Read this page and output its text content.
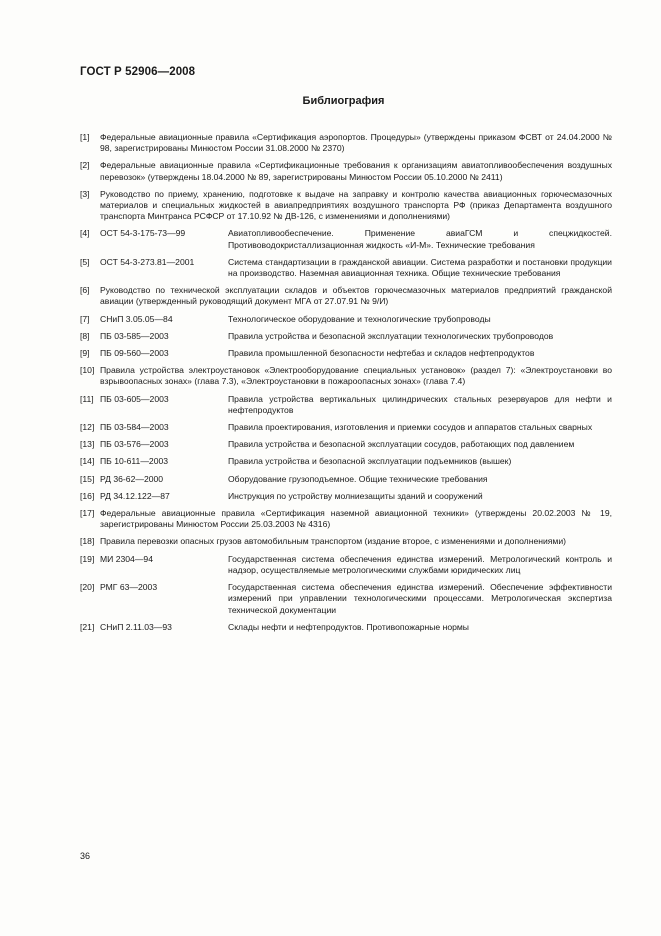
ГОСТ Р 52906—2008
Библиография
[1]	Федеральные авиационные правила «Сертификация аэропортов. Процедуры» (утверждены приказом ФСВТ от 24.04.2000 № 98, зарегистрированы Минюстом России 31.08.2000 № 2370)
[2]	Федеральные авиационные правила «Сертификационные требования к организациям авиатопливообеспечения воздушных перевозок» (утверждены 18.04.2000 № 89, зарегистрированы Минюстом России 05.10.2000 № 2411)
[3]	Руководство по приему, хранению, подготовке к выдаче на заправку и контролю качества авиационных горючесмазочных материалов и специальных жидкостей в авиапредприятиях воздушного транспорта РФ (приказ Департамента воздушного транспорта Минтранса РСФСР от 17.10.92 № ДВ-126, с изменениями и дополнениями)
[4]	ОСТ 54-3-175-73—99	Авиатопливообеспечение. Применение авиаГСМ и спецжидкостей. Противоводокристаллизационная жидкость «И-М». Технические требования
[5]	ОСТ 54-3-273.81—2001	Система стандартизации в гражданской авиации. Система разработки и постановки продукции на производство. Наземная авиационная техника. Общие технические требования
[6]	Руководство по технической эксплуатации складов и объектов горючесмазочных материалов предприятий гражданской авиации (утвержденный руководящий документ МГА от 27.07.91 № 9/И)
[7]	СНиП 3.05.05—84	Технологическое оборудование и технологические трубопроводы
[8]	ПБ 03-585—2003	Правила устройства и безопасной эксплуатации технологических трубопроводов
[9]	ПБ 09-560—2003	Правила промышленной безопасности нефтебаз и складов нефтепродуктов
[10] Правила устройства электроустановок «Электрооборудование специальных установок» (раздел 7): «Электроустановки во взрывоопасных зонах» (глава 7.3), «Электроустановки в пожароопасных зонах» (глава 7.4)
[11] ПБ 03-605—2003	Правила устройства вертикальных цилиндрических стальных резервуаров для нефти и нефтепродуктов
[12] ПБ 03-584—2003	Правила проектирования, изготовления и приемки сосудов и аппаратов стальных сварных
[13] ПБ 03-576—2003	Правила устройства и безопасной эксплуатации сосудов, работающих под давлением
[14] ПБ 10-611—2003	Правила устройства и безопасной эксплуатации подъемников (вышек)
[15] РД 36-62—2000	Оборудование грузоподъемное. Общие технические требования
[16] РД 34.12.122—87	Инструкция по устройству молниезащиты зданий и сооружений
[17] Федеральные авиационные правила «Сертификация наземной авиационной техники» (утверждены 20.02.2003 № 19, зарегистрированы Минюстом России 25.03.2003 № 4316)
[18] Правила перевозки опасных грузов автомобильным транспортом (издание второе, с изменениями и дополнениями)
[19] МИ 2304—94	Государственная система обеспечения единства измерений. Метрологический контроль и надзор, осуществляемые метрологическими службами юридических лиц
[20] РМГ 63—2003	Государственная система обеспечения единства измерений. Обеспечение эффективности измерений при управлении технологическими процессами. Метрологическая экспертиза технической документации
[21] СНиП 2.11.03—93	Склады нефти и нефтепродуктов. Противопожарные нормы
36
